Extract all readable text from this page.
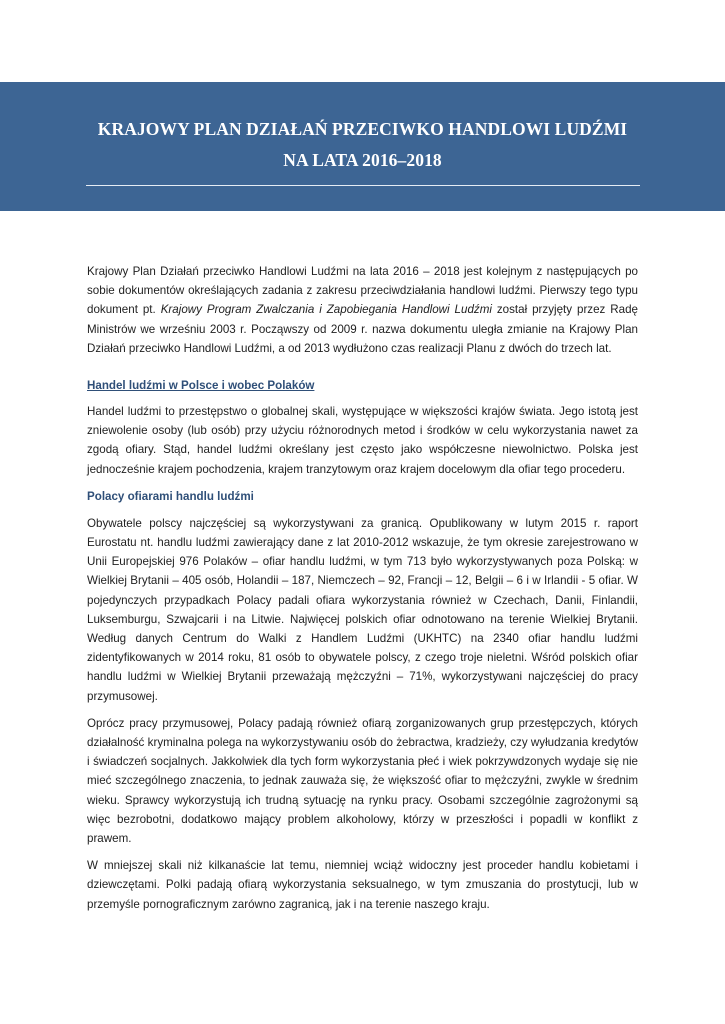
KRAJOWY PLAN DZIAŁAŃ PRZECIWKO HANDLOWI LUDŹMI
NA LATA 2016–2018

Krajowy Plan Działań przeciwko Handlowi Ludźmi na lata 2016 – 2018 jest kolejnym z następujących po sobie dokumentów określających zadania z zakresu przeciwdziałania handlowi ludźmi. Pierwszy tego typu dokument pt. Krajowy Program Zwalczania i Zapobiegania Handlowi Ludźmi został przyjęty przez Radę Ministrów we wrześniu 2003 r. Począwszy od 2009 r. nazwa dokumentu uległa zmianie na Krajowy Plan Działań przeciwko Handlowi Ludźmi, a od 2013 wydłużono czas realizacji Planu z dwóch do trzech lat.

Handel ludźmi w Polsce i wobec Polaków

Handel ludźmi to przestępstwo o globalnej skali, występujące w większości krajów świata. Jego istotą jest zniewolenie osoby (lub osób) przy użyciu różnorodnych metod i środków w celu wykorzystania nawet za zgodą ofiary. Stąd, handel ludźmi określany jest często jako współczesne niewolnictwo. Polska jest jednocześnie krajem pochodzenia, krajem tranzytowym oraz krajem docelowym dla ofiar tego procederu.

Polacy ofiarami handlu ludźmi

Obywatele polscy najczęściej są wykorzystywani za granicą. Opublikowany w lutym 2015 r. raport Eurostatu nt. handlu ludźmi zawierający dane z lat 2010-2012 wskazuje, że tym okresie zarejestrowano w Unii Europejskiej 976 Polaków – ofiar handlu ludźmi, w tym 713 było wykorzystywanych poza Polską: w Wielkiej Brytanii – 405 osób, Holandii – 187, Niemczech – 92, Francji – 12, Belgii – 6 i w Irlandii - 5 ofiar. W pojedynczych przypadkach Polacy padali ofiara wykorzystania również w Czechach, Danii, Finlandii, Luksemburgu, Szwajcarii i na Litwie. Najwięcej polskich ofiar odnotowano na terenie Wielkiej Brytanii. Według danych Centrum do Walki z Handlem Ludźmi (UKHTC) na 2340 ofiar handlu ludźmi zidentyfikowanych w 2014 roku, 81 osób to obywatele polscy, z czego troje nieletni. Wśród polskich ofiar handlu ludźmi w Wielkiej Brytanii przeważają mężczyźni – 71%, wykorzystywani najczęściej do pracy przymusowej.

Oprócz pracy przymusowej, Polacy padają również ofiarą zorganizowanych grup przestępczych, których działalność kryminalna polega na wykorzystywaniu osób do żebractwa, kradzieży, czy wyłudzania kredytów i świadczeń socjalnych. Jakkolwiek dla tych form wykorzystania płeć i wiek pokrzywdzonych wydaje się nie mieć szczególnego znaczenia, to jednak zauważa się, że większość ofiar to mężczyźni, zwykle w średnim wieku. Sprawcy wykorzystują ich trudną sytuację na rynku pracy. Osobami szczególnie zagrożonymi są więc bezrobotni, dodatkowo mający problem alkoholowy, którzy w przeszłości i popadli w konflikt z prawem.

W mniejszej skali niż kilkanaście lat temu, niemniej wciąż widoczny jest proceder handlu kobietami i dziewczętami. Polki padają ofiarą wykorzystania seksualnego, w tym zmuszania do prostytucji, lub w przemyśle pornograficznym zarówno zagranicą, jak i na terenie naszego kraju.
